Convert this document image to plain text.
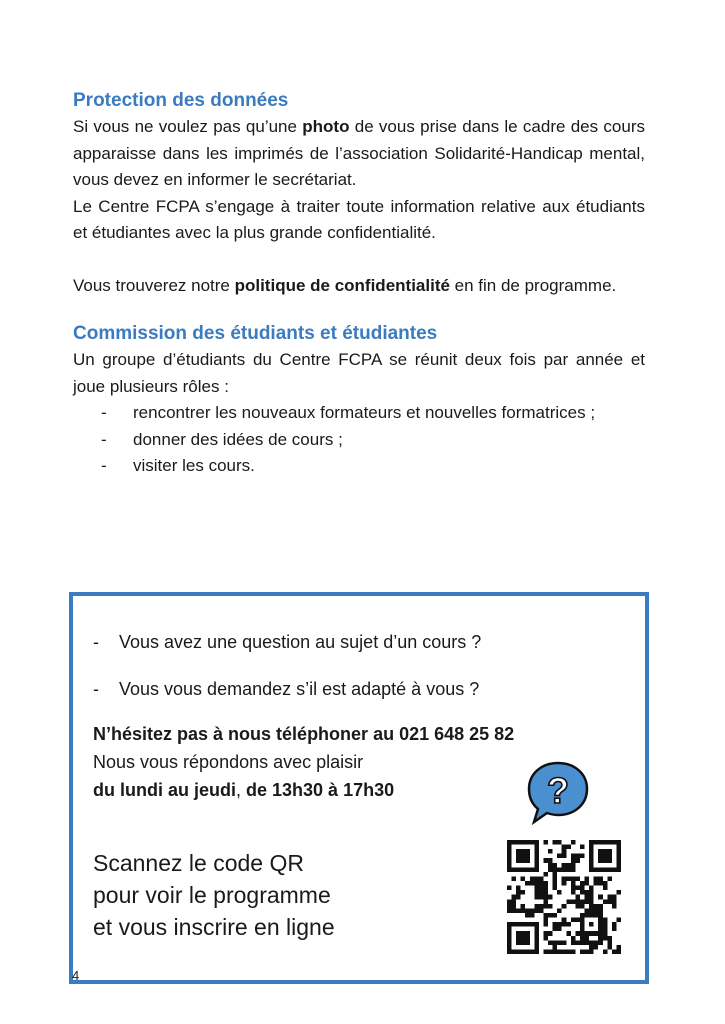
Protection des données

Si vous ne voulez pas qu’une photo de vous prise dans le cadre des cours apparaisse dans les imprimés de l’association Solidarité-Handicap mental, vous devez en informer le secrétariat.

Le Centre FCPA s’engage à traiter toute information relative aux étudiants et étudiantes avec la plus grande confidentialité.

Vous trouverez notre politique de confidentialité en fin de programme.

Commission des étudiants et étudiantes

Un groupe d’étudiants du Centre FCPA se réunit deux fois par année et joue plusieurs rôles :

- rencontrer les nouveaux formateurs et nouvelles formatrices ;
- donner des idées de cours ;
- visiter les cours.
- Vous avez une question au sujet d’un cours ?
- Vous vous demandez s’il est adapté à vous ?
N’hésitez pas à nous téléphoner au 021 648 25 82
Nous vous répondons avec plaisir
du lundi au jeudi, de 13h30 à 17h30	?
Scannez le code QR
pour voir le programme
et vous inscrire en ligne
4
